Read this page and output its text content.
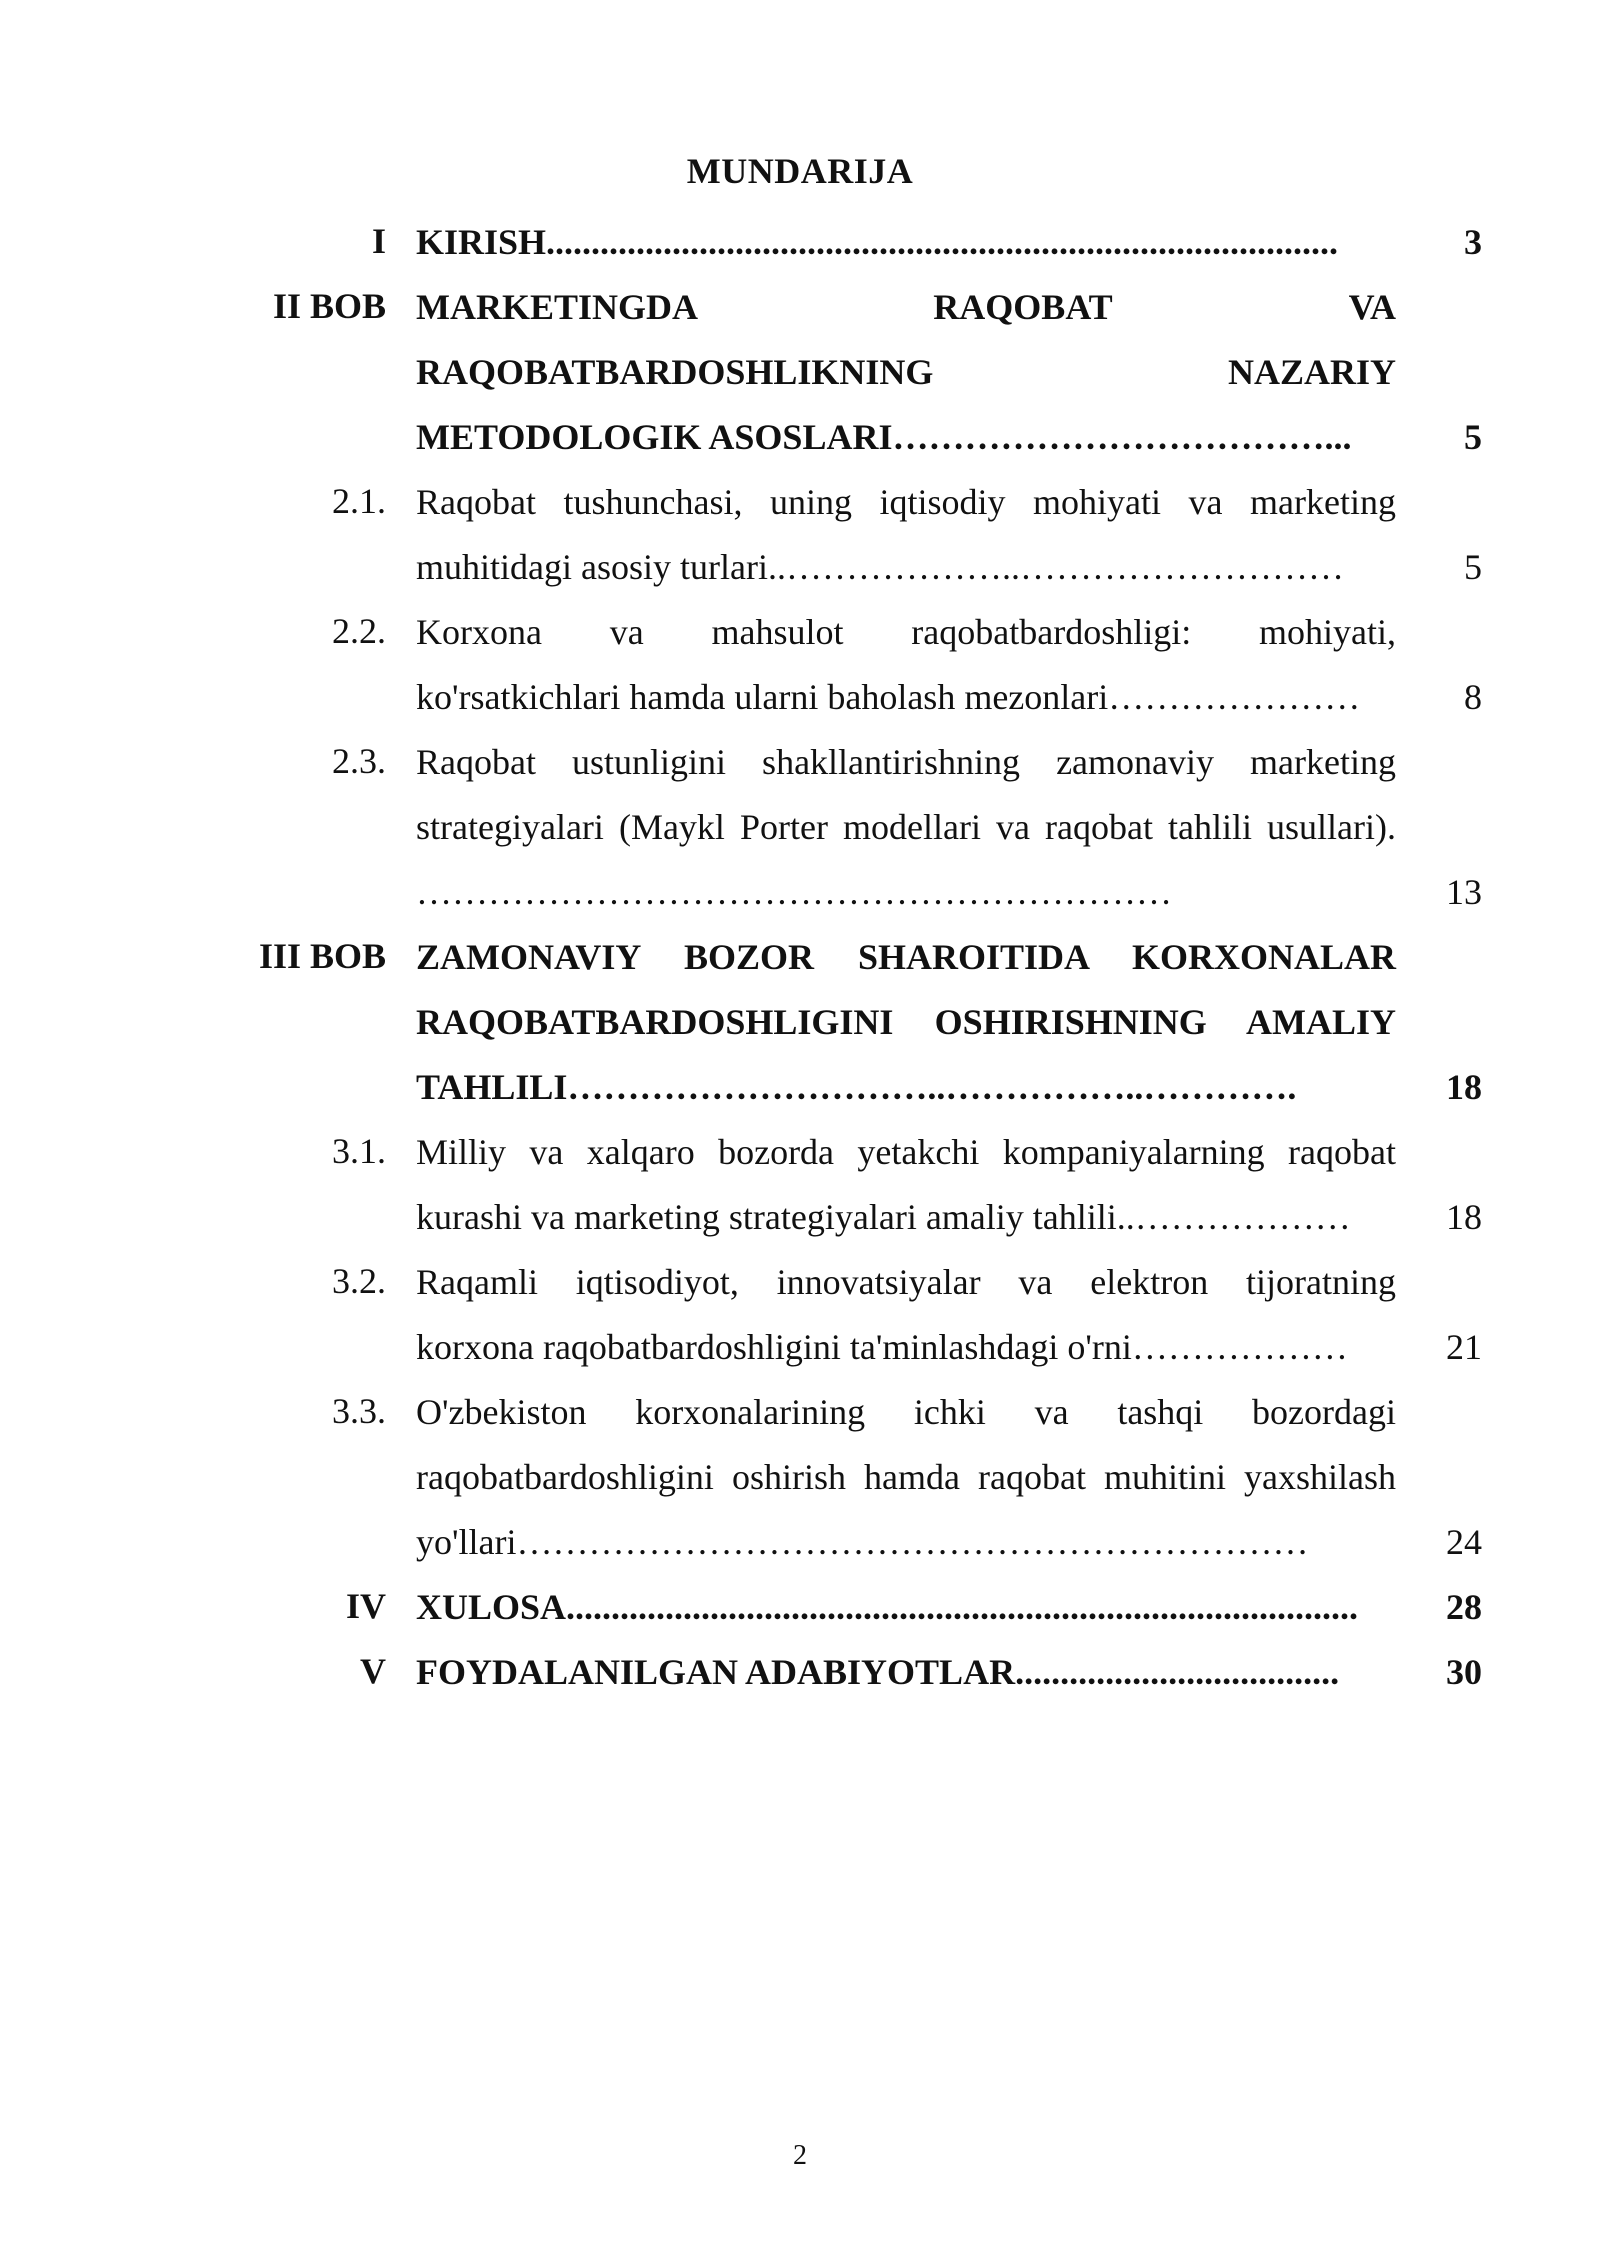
MUNDARIJA
I KIRISH........................................................................................	3
II BOB MARKETINGDA RAQOBAT VA
RAQOBATBARDOSHLIKNING NAZARIY
METODOLOGIK ASOSLARI………………………………...	5
2.1. Raqobat tushunchasi, uning iqtisodiy mohiyati va marketing
muhitidagi asosiy turlari..………………..………………………	5
2.2. Korxona va mahsulot raqobatbardoshligi: mohiyati,
ko'rsatkichlari hamda ularni baholash mezonlari…………………	8
2.3. Raqobat ustunligini shakllantirishning zamonaviy marketing
strategiyalari (Maykl Porter modellari va raqobat tahlili usullari).
………………………………………………………	13
III BOB ZAMONAVIY BOZOR SHAROITIDA KORXONALAR
RAQOBATBARDOSHLIGINI OSHIRISHNING AMALIY
TAHLILI…………………………..……………..………….	18
3.1. Milliy va xalqaro bozorda yetakchi kompaniyalarning raqobat
kurashi va marketing strategiyalari amaliy tahlili..………………	18
3.2. Raqamli iqtisodiyot, innovatsiyalar va elektron tijoratning
korxona raqobatbardoshligini ta'minlashdagi o'rni………………	21
3.3. O'zbekiston korxonalarining ichki va tashqi bozordagi
raqobatbardoshligini oshirish hamda raqobat muhitini yaxshilash
yo'llari…………………………………………………………	24
IV XULOSA........................................................................................	28
V FOYDALANILGAN ADABIYOTLAR....................................	30
2
